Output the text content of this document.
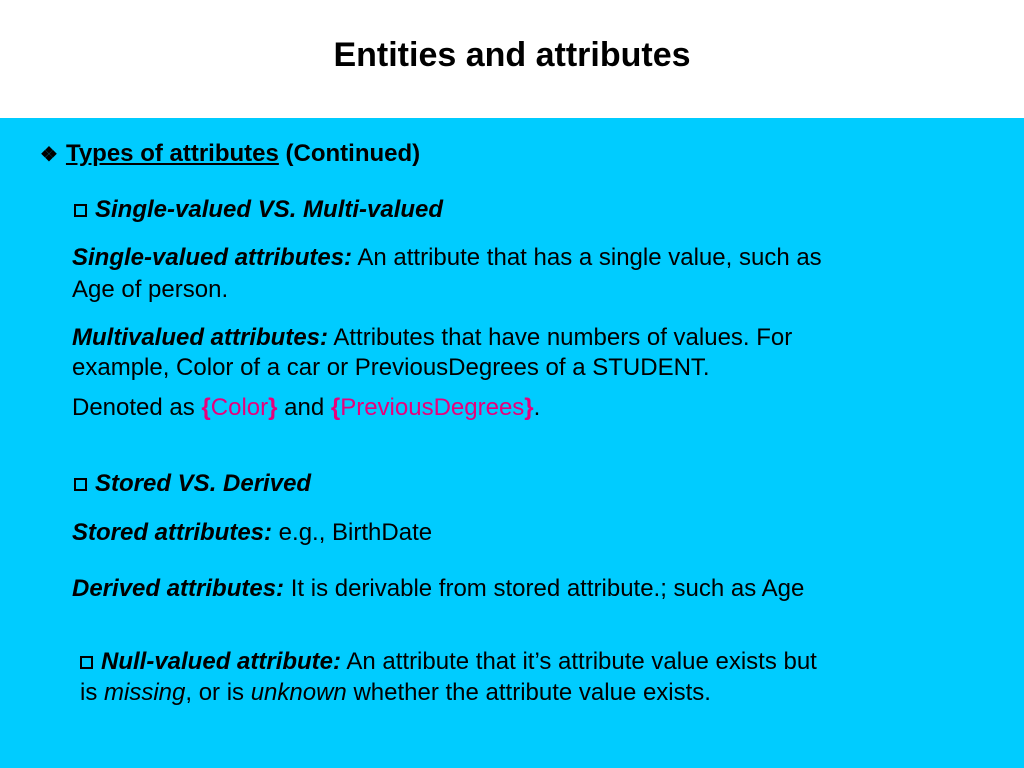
Entities and attributes
❖ Types of attributes (Continued)
Single-valued VS. Multi-valued
Single-valued attributes: An attribute that has a single value, such as
Age of person.
Multivalued attributes: Attributes that have numbers of values. For
example, Color of a car or PreviousDegrees of a STUDENT.
Denoted as {Color} and {PreviousDegrees}.
Stored VS. Derived
Stored attributes: e.g., BirthDate
Derived attributes: It is derivable from stored attribute.; such as Age
Null-valued attribute: An attribute that it’s attribute value exists but
is missing, or is unknown whether the attribute value exists.
